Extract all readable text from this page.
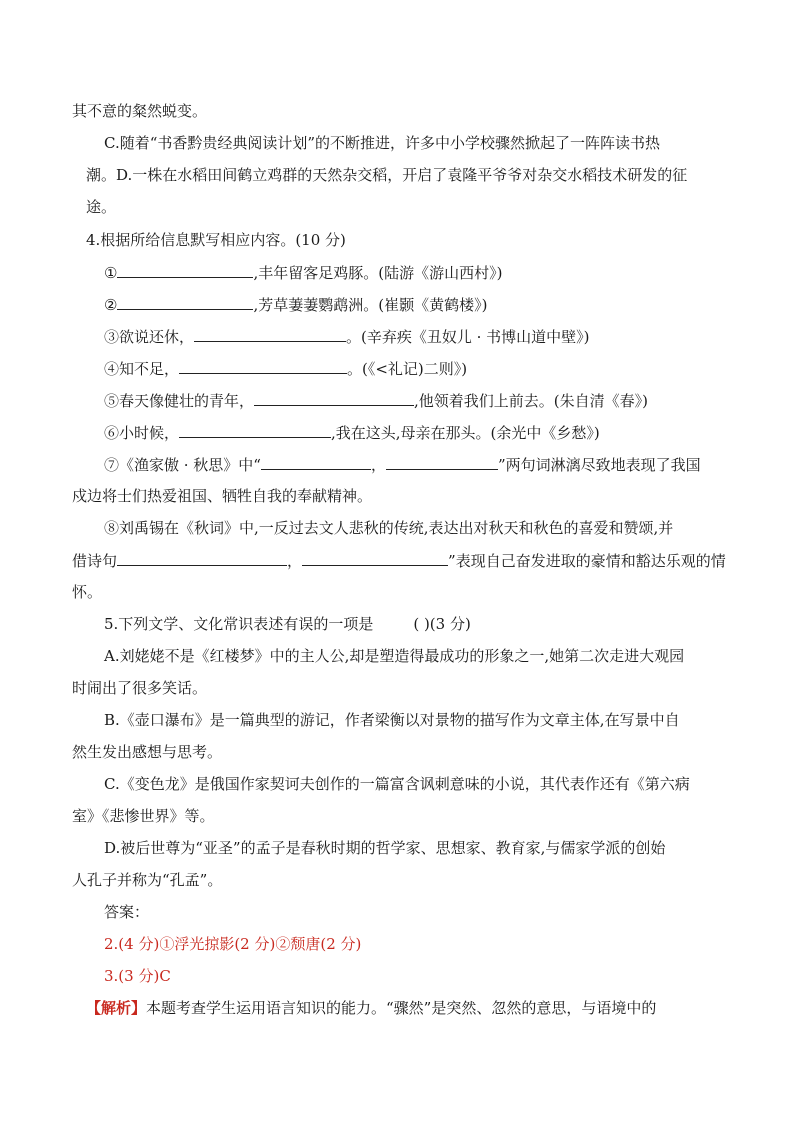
其不意的粲然蜕变。
C.随着“书香黔贵经典阅读计划”的不断推进，许多中小学校骤然掀起了一阵阵读书热
潮。D.一株在水稻田间鹤立鸡群的天然杂交稻，开启了袁隆平爷爷对杂交水稻技术研发的征
途。
4.根据所给信息默写相应内容。(10 分)
①	,丰年留客足鸡豚。(陆游《游山西村》)
②	,芳草萋萋鹦鹉洲。(崔颢《黄鹤楼》)
③欲说还休，	。(辛弃疾《丑奴儿 · 书博山道中壁》)
④知不足，	。(《<礼记)二则》)
⑤春天像健壮的青年，	,他领着我们上前去。(朱自清《春》)
⑥小时候，	,我在这头,母亲在那头。(余光中《乡愁》)
⑦《渔家傲 · 秋思》中“	，	”两句词淋漓尽致地表现了我国
戍边将士们热爱祖国、牺牲自我的奉献精神。
⑧刘禹锡在《秋词》中,一反过去文人悲秋的传统,表达出对秋天和秋色的喜爱和赞颂,并
借诗句	，	”表现自己奋发进取的豪情和豁达乐观的情
怀。
5.下列文学、文化常识表述有误的一项是	( )(3 分)
A.刘姥姥不是《红楼梦》中的主人公,却是塑造得最成功的形象之一,她第二次走进大观园
时闹出了很多笑话。
B.《壶口瀑布》是一篇典型的游记，作者梁衡以对景物的描写作为文章主体,在写景中自
然生发出感想与思考。
C.《变色龙》是俄国作家契诃夫创作的一篇富含讽刺意味的小说，其代表作还有《第六病
室》《悲惨世界》等。
D.被后世尊为“亚圣”的孟子是春秋时期的哲学家、思想家、教育家,与儒家学派的创始
人孔子并称为“孔孟”。
答案：
2.(4 分)①浮光掠影(2 分)②颓唐(2 分)
3.(3 分)C
【解析】本题考查学生运用语言知识的能力。“骤然”是突然、忽然的意思，与语境中的
